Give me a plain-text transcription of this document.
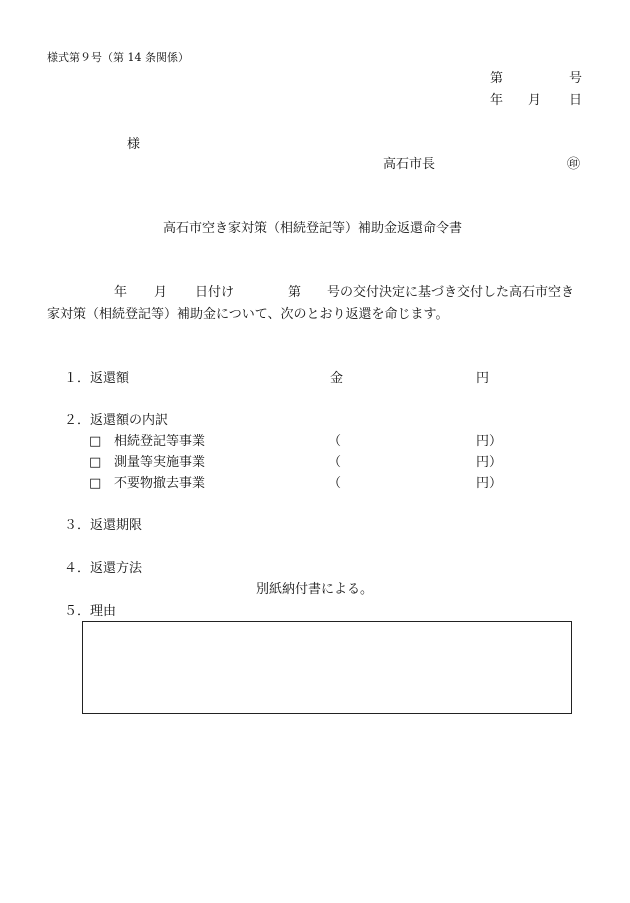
様式第９号（第 14 条関係）
第	号
年 月 日
様
高石市長	㊞
高石市空き家対策（相続登記等）補助金返還命令書
年 月 日付け	第 号の交付決定に基づき交付した高石市空き
家対策（相続登記等）補助金について、次のとおり返還を命じます。
１．返還額	金	円
２．返還額の内訳
□ 相続登記等事業	（	円）
□ 測量等実施事業	（	円）
□ 不要物撤去事業	（	円）
３．返還期限
４．返還方法
別紙納付書による。
５．理由
